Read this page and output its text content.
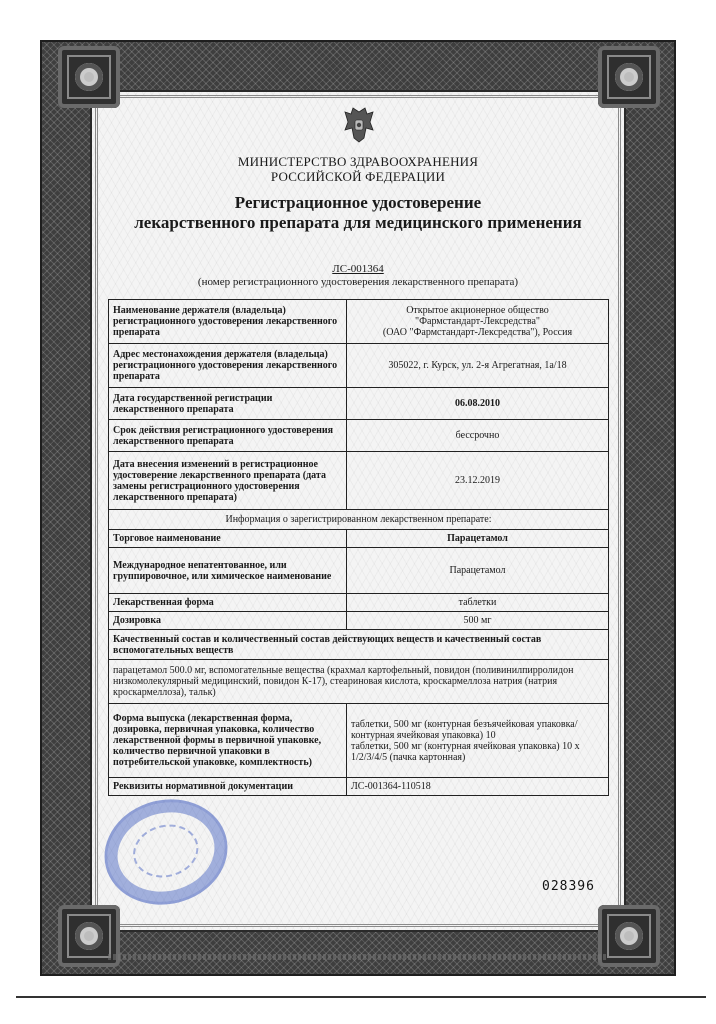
МИНИСТЕРСТВО ЗДРАВООХРАНЕНИЯ
РОССИЙСКОЙ ФЕДЕРАЦИИ
Регистрационное удостоверение
лекарственного препарата для медицинского применения
ЛС-001364
(номер регистрационного удостоверения лекарственного препарата)
Наименование держателя (владельца) регистрационного удостоверения лекарственного препарата	Открытое акционерное общество
"Фармстандарт-Лексредства"
(ОАО "Фармстандарт-Лексредства"), Россия

Адрес местонахождения держателя (владельца) регистрационного удостоверения лекарственного препарата	305022, г. Курск, ул. 2-я Агрегатная, 1а/18
Дата государственной регистрации лекарственного препарата	06.08.2010
Срок действия регистрационного удостоверения лекарственного препарата	бессрочно
Дата внесения изменений в регистрационное удостоверение лекарственного препарата (дата замены регистрационного удостоверения лекарственного препарата)	23.12.2019
Информация о зарегистрированном лекарственном препарате:	
Торговое наименование	Парацетамол
Международное непатентованное, или группировочное, или химическое наименование	Парацетамол
Лекарственная форма	таблетки
Дозировка	500 мг
Качественный состав и количественный состав действующих веществ и качественный состав вспомогательных веществ	
парацетамол 500.0 мг, вспомогательные вещества (крахмал картофельный, повидон (поливинилпирролидон низкомолекулярный медицинский, повидон К-17), стеариновая кислота, кроскармеллоза натрия (натрия кроскармеллоза), тальк)	
Форма выпуска (лекарственная форма, дозировка, первичная упаковка, количество лекарственной формы в первичной упаковке, количество первичной упаковки в потребительской упаковке, комплектность)	таблетки, 500 мг (контурная безъячейковая упаковка/контурная ячейковая упаковка) 10
таблетки, 500 мг (контурная ячейковая упаковка) 10 х 1/2/3/4/5 (пачка картонная)

Реквизиты нормативной документации	ЛС-001364-110518
028396
